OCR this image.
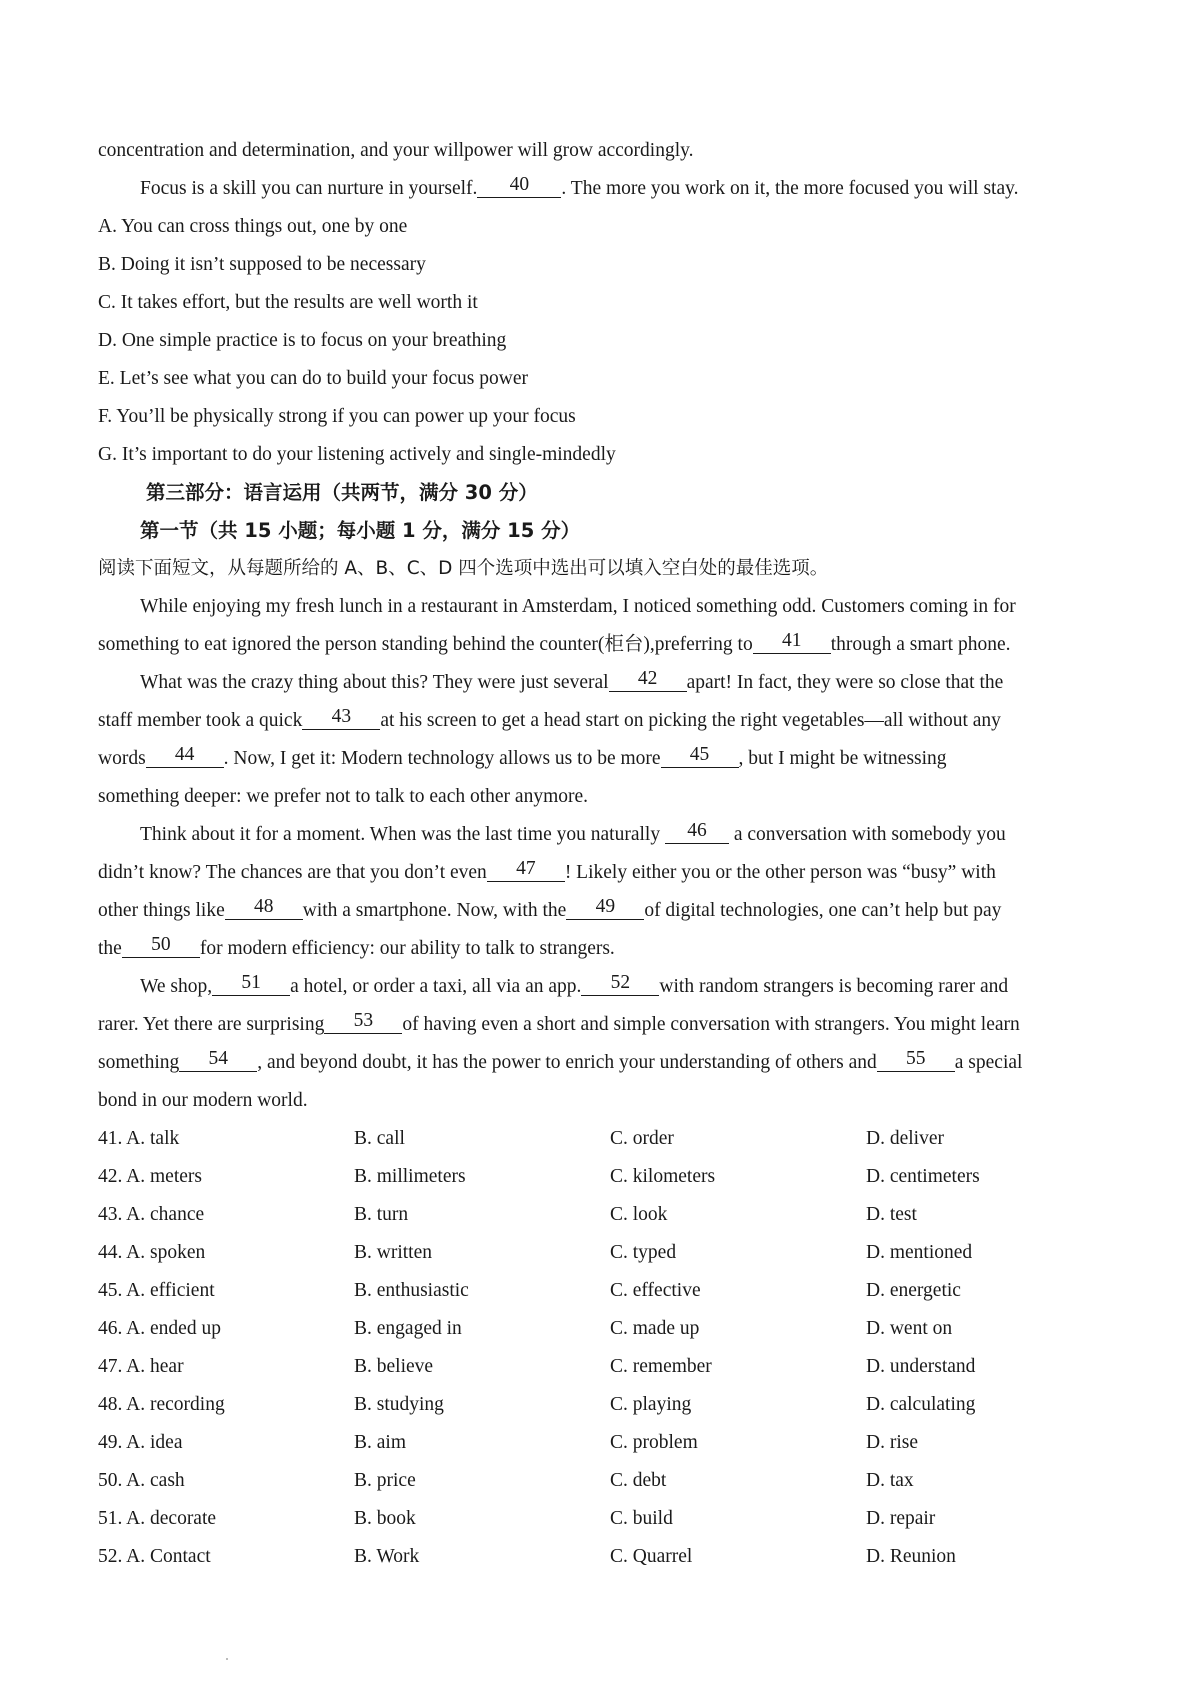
concentration and determination, and your willpower will grow accordingly.
Focus is a skill you can nurture in yourself. 40 . The more you work on it, the more focused you will stay.
A. You can cross things out, one by one
B. Doing it isn’t supposed to be necessary
C. It takes effort, but the results are well worth it
D. One simple practice is to focus on your breathing
E. Let’s see what you can do to build your focus power
F. You’ll be physically strong if you can power up your focus
G. It’s important to do your listening actively and single-mindedly
第三部分：语言运用（共两节，满分 30 分）
第一节（共 15 小题；每小题 1 分，满分 15 分）
阅读下面短文，从每题所给的 A、B、C、D 四个选项中选出可以填入空白处的最佳选项。
While enjoying my fresh lunch in a restaurant in Amsterdam, I noticed something odd. Customers coming in for
something to eat ignored the person standing behind the counter(柜台),preferring to 41 through a smart phone.
What was the crazy thing about this? They were just several 42 apart! In fact, they were so close that the
staff member took a quick 43 at his screen to get a head start on picking the right vegetables—all without any
words 44 . Now, I get it: Modern technology allows us to be more 45 , but I might be witnessing
something deeper: we prefer not to talk to each other anymore.
Think about it for a moment. When was the last time you naturally 46 a conversation with somebody you
didn’t know? The chances are that you don’t even 47 ! Likely either you or the other person was “busy” with
other things like 48 with a smartphone. Now, with the 49 of digital technologies, one can’t help but pay
the 50 for modern efficiency: our ability to talk to strangers.
We shop, 51 a hotel, or order a taxi, all via an app. 52 with random strangers is becoming rarer and
rarer. Yet there are surprising 53 of having even a short and simple conversation with strangers. You might learn
something 54 , and beyond doubt, it has the power to enrich your understanding of others and 55 a special
bond in our modern world.
41. A. talk	B. call	C. order	D. deliver
42. A. meters	B. millimeters	C. kilometers	D. centimeters
43. A. chance	B. turn	C. look	D. test
44. A. spoken	B. written	C. typed	D. mentioned
45. A. efficient	B. enthusiastic	C. effective	D. energetic
46. A. ended up	B. engaged in	C. made up	D. went on
47. A. hear	B. believe	C. remember	D. understand
48. A. recording	B. studying	C. playing	D. calculating
49. A. idea	B. aim	C. problem	D. rise
50. A. cash	B. price	C. debt	D. tax
51. A. decorate	B. book	C. build	D. repair
52. A. Contact	B. Work	C. Quarrel	D. Reunion
